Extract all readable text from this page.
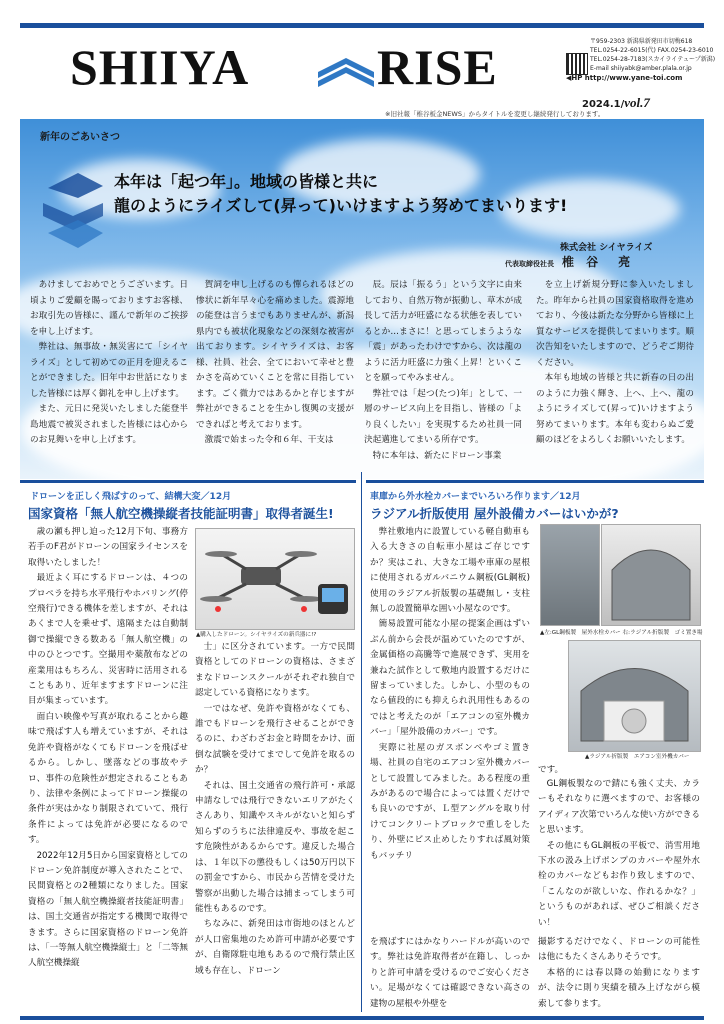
SHIIYA	RISE	〒959-2303 新潟県新発田市切梅618
TEL.0254-22-6015(代) FAX.0254-23-6010
TEL.0254-28-7183(スカイライテュープ新潟)
E-mail shiiyabk@amber.plala.or.jp
◀HP http://www.yane-toi.com
2024.1/vol.7
※旧社報「椎谷板金NEWS」からタイトルを変更し継続発行しております。
新年のごあいさつ
本年は「起つ年」。地域の皆様と共に
龍のようにライズして(昇って)いけますよう努めてまいります!
株式会社 シイヤライズ
代表取締役社長 椎 谷　亮

あけましておめでとうございます。日頃よりご愛顧を賜っておりますお客様、お取引先の皆様に、謹んで新年のご挨拶を申し上げます。

弊社は、無事故・無災害にて「シイヤライズ」として初めての正月を迎えることができました。旧年中お世話になりました皆様には厚く御礼を申し上げます。

また、元日に発災いたしました能登半島地震で被災されました皆様には心からのお見舞いを申し上げます。

賀詞を申し上げるのも憚られるほどの惨状に新年早々心を痛めました。震源地の能登は言うまでもありませんが、新潟県内でも被状化現象などの深刻な被害が出ております。シイヤライズは、お客様、社員、社会、全てにおいて幸せと豊かさを高めていくことを常に目指しています。ごく微力ではあるかと存じますが弊社ができることを生かし復興の支援ができればと考えております。

激震で始まった令和６年、干支は

辰。辰は「振るう」という文字に由来しており、自然万物が振動し、草木が成長して活力が旺盛になる状態を表しているとか…まさに！と思ってしまうような「震」があったわけですから、次は龍のように活力旺盛に力強く上昇！といくことを願ってやみません。

弊社では「起つ(たつ)年」として、一層のサービス向上を目指し、皆様の「より良くしたい」を実現するため社員一同決起邁進してまいる所存です。

特に本年は、新たにドローン事業

を立上げ新規分野に参入いたしました。昨年から社員の国家資格取得を進めており、今後は新たな分野から皆様に上質なサービスを提供してまいります。順次告知をいたしますので、どうぞご期待ください。

本年も地域の皆様と共に新春の日の出のように力強く輝き、上へ、上へ、龍のようにライズして(昇って)いけますよう努めてまいります。本年も変わらぬご愛顧のほどをよろしくお願いいたします。

ドローンを正しく飛ばすのって、結構大変／12月
国家資格「無人航空機操縦者技能証明書」取得者誕生!

歳の瀬も押し迫った12月下旬、事務方若手のF君がドローンの国家ライセンスを取得いたしました！

最近よく耳にするドローンは、４つのプロペラを持ち水平飛行やホバリング(停空飛行)できる機体を差しますが、それはあくまで人を乗せず、遠隔または自動制御で操縦できる数ある「無人航空機」の中のひとつです。空撮用や薬散布などの産業用はもちろん、災害時に活用されることもあり、近年ますますドローンに注目が集まっています。

面白い映像や写真が取れることから趣味で飛ばす人も増えていますが、それは免許や資格がなくてもドローンを飛ばせるから。しかし、墜落などの事故やテロ、事件の危険性が想定されることもあり、法律や条例によってドローン操縦の条件が実はかなり制限されていて、飛行条件によっては免許が必要になるのです。

2022年12月5日から国家資格としてのドローン免許制度が導入されたことで、民間資格との2種類になりました。国家資格の「無人航空機操縦者技能証明書」は、国土交通省が指定する機関で取得できます。さらに国家資格のドローン免許は、「一等無人航空機操縦士」と「二等無人航空機操縦

▲購入したドローン。シイヤライズの新兵器に!?

士」に区分されています。一方で民間資格としてのドローンの資格は、さまざまなドローンスクールがそれぞれ独自で認定している資格になります。

一ではなぜ、免許や資格がなくても、誰でもドローンを飛行させることができるのに、わざわざお金と時間をかけ、面倒な試験を受けてまでして免許を取るのか？

それは、国土交通省の飛行許可・承認申請なしでは飛行できないエリアがたくさんあり、知識やスキルがないと知らず知らずのうちに法律違反や、事故を起こす危険性があるからです。違反した場合は、１年以下の懲役もしくは50万円以下の罰金ですから、市民から苦情を受けた警察が出動した場合は捕まってしまう可能性もあるのです。

ちなみに、新発田は市街地のほとんどが人口密集地のため許可申請が必要ですが、自衛隊駐屯地もあるので飛行禁止区域も存在し、ドローン

車庫から外水栓カバーまでいろいろ作ります／12月
ラジアル折版使用 屋外設備カバーはいかが?

弊社敷地内に設置している軽自動車も入る大きさの自転車小屋はご存じですか？実はこれ、大きな工場や車庫の屋根に使用されるガルバニウム鋼板(GL鋼板)使用のラジアル折版製の基礎無し・支柱無しの設置簡単な囲い小屋なのです。

簡易設置可能な小屋の提案企画はずいぶん前から会長が温めていたのですが、金属価格の高騰等で進展できず、実用を兼ねた試作として敷地内設置するだけに留まっていました。しかし、小型のものなら値段的にも抑えられ汎用性もあるのではと考えたのが「エアコンの室外機カバー」「屋外設備のカバー」です。

実際に社屋のガスボンベやゴミ置き場、社員の自宅のエアコン室外機カバーとして設置してみました。ある程度の重みがあるので場合によっては置くだけでも良いのですが、Ｌ型アングルを取り付けてコンクリートブロックで重しをしたり、外壁にビス止めしたりすれば風対策もバッチリ

▲左:GL鋼板製　屋外水栓カバー 右:ラジアル折版製　ゴミ置き場
▲ラジアル折版製　エアコン室外機カバー
です。

GL鋼板製なので錆にも強く丈夫、カラーもそれなりに選べますので、お客様のアイディア次第でいろんな使い方ができると思います。

その他にもGL鋼板の平板で、消雪用地下水の汲み上げポンプのカバーや屋外水栓のカバーなどもお作り致しますので、「こんなのが欲しいな、作れるかな？」というものがあれば、ぜひご相談ください！

を飛ばすにはかなりハードルが高いのです。弊社は免許取得者が在籍し、しっかりと許可申請を受けるのでご安心ください。足場がなくては確認できない高さの建物の屋根や外壁を

撮影するだけでなく、ドローンの可能性は他にもたくさんありそうです。

本格的には春以降の始動になりますが、法令に則り実績を積み上げながら模索して参ります。
